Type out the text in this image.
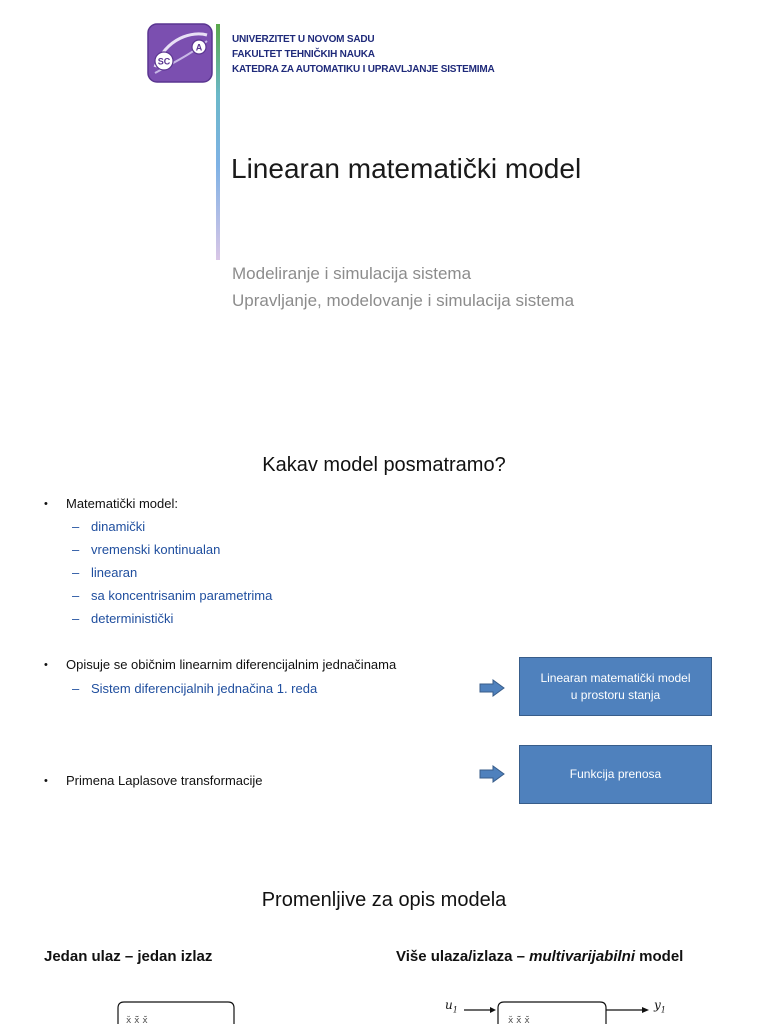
SC
A
UNIVERZITET U NOVOM SADU
FAKULTET TEHNIČKIH NAUKA
KATEDRA ZA AUTOMATIKU I UPRAVLJANJE SISTEMIMA
Linearan matematički model
Modeliranje i simulacija sistema
Upravljanje, modelovanje i simulacija sistema
Kakav model posmatramo?
• Matematički model:
– dinamički
– vremenski kontinualan
– linearan
– sa koncentrisanim parametrima
– deterministički
• Opisuje se običnim linearnim diferencijalnim jednačinama
– Sistem diferencijalnih jednačina 1. reda
Linearan matematički model
u prostoru stanja
• Primena Laplasove transformacije	Funkcija prenosa
Promenljive za opis modela
Jedan ulaz – jedan izlaz	Više ulaza/izlaza – multivarijabilni model
x̆ ẍ̆ ẋ̆
$u_1$
x̆ ẍ̆ ẋ̆
$y_1$
